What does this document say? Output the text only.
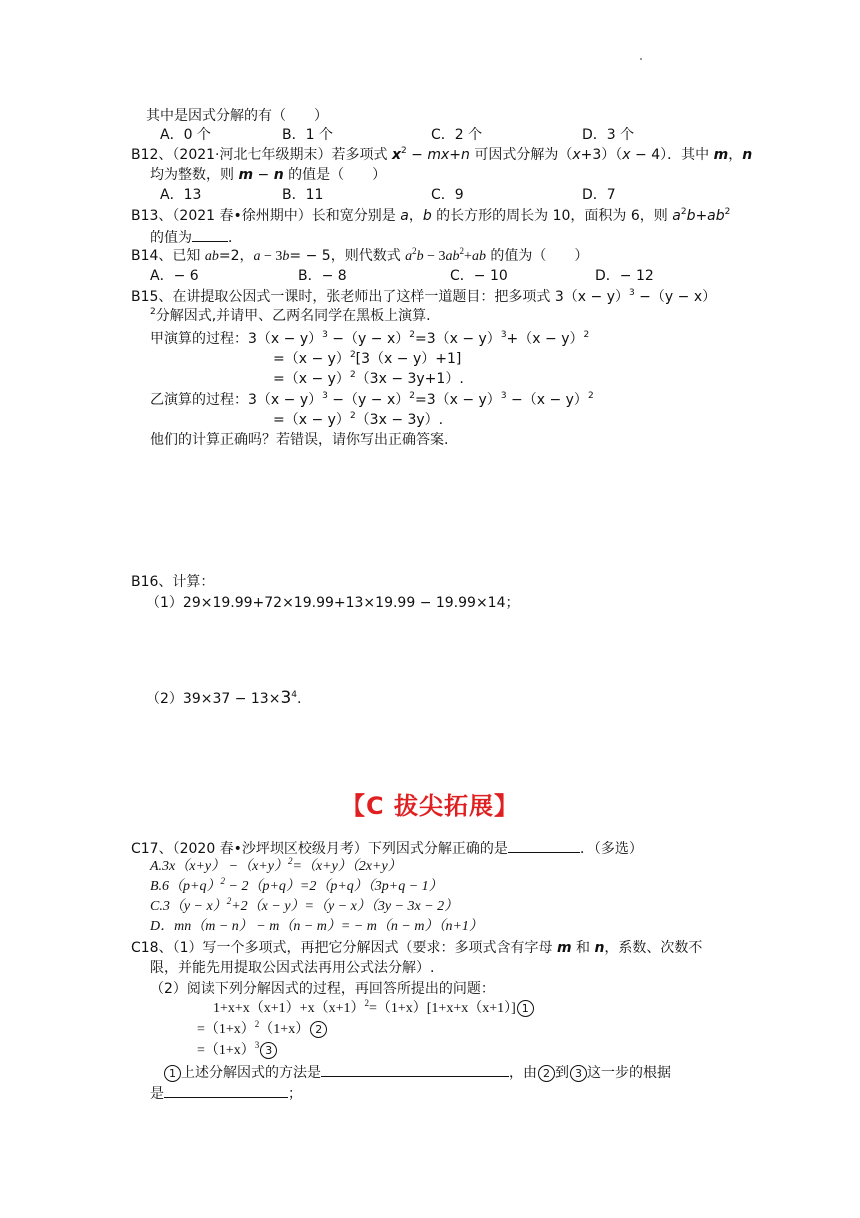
其中是因式分解的有（　　）
A．0 个	B．1 个	C．2 个	D．3 个
B12、（2021·河北七年级期末）若多项式 $x^2 - mx+n$ 可因式分解为（x+3）（x − 4）．其中 m，n
均为整数，则 m − n 的值是（　　）
A．13	B．11	C．9	D．7
B13、（2021 春•徐州期中）长和宽分别是 a，b 的长方形的周长为 10，面积为 6，则 $a^2b+ab^2$
的值为	．
B14、已知 ab=2，a − 3b= − 5，则代数式 $a^2b - 3ab^2+ab$ 的值为（　　）
A．− 6	B．− 8	C．− 10	D．− 12
B15、在讲提取公因式一课时，张老师出了这样一道题目：把多项式 $3(x - y)^3 -(y - x)$
$^2$分解因式,并请甲、乙两名同学在黑板上演算.
甲演算的过程：$3(x - y)^3 -(y - x)^2=3(x - y)^3+(x - y)^2$
$=(x - y)^2[3(x - y)+1]$
$=(x - y)^2(3x - 3y+1)$.
乙演算的过程：$3(x - y)^3 -(y - x)^2=3(x - y)^3 -(x - y)^2$
$=(x - y)^2(3x - 3y)$.
他们的计算正确吗？若错误，请你写出正确答案.
B16、计算：
（1）29×19.99+72×19.99+13×19.99 − 19.99×14；
$(2)39\times 37 - 13\times 3^4$.
【C 拔尖拓展】
C17、（2020 春•沙坪坝区校级月考）下列因式分解正确的是	．（多选）
$A.3x(x+y) -(x+y)^2=(x+y)(2x+y)$
$B.6(p+q)^2 - 2(p+q)=2(p+q)(3p+q - 1)$
$C.3(y - x)^2+2(x - y)=(y - x)(3y - 3x - 2)$
D．mn（m − n） − m（n − m）= − m（n − m）（n+1）
C18、（1）写一个多项式，再把它分解因式（要求：多项式含有字母 m 和 n，系数、次数不
限，并能先用提取公因式法再用公式法分解）.
（2）阅读下列分解因式的过程，再回答所提出的问题：
$1+x+x(x+1)+x(x+1)^2=(1+x)[1+x+x(x+1)]$ 1
$=(1+x)^2(1+x)$ 2
$=(1+x)^3$ 3
1 上述分解因式的方法是	，由 2 到 3 这一步的根据
是	；
